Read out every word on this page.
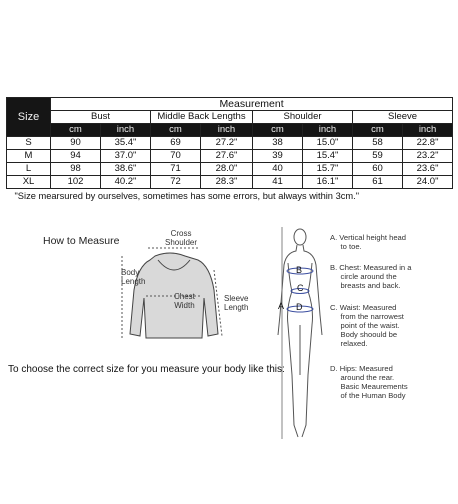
Size	Measurement							
	Bust		Middle Back Lengths		Shoulder		Sleeve	
	cm	inch	cm	inch	cm	inch	cm	inch
S	90	35.4"	69	27.2"	38	15.0"	58	22.8"
M	94	37.0"	70	27.6"	39	15.4"	59	23.2"
L	98	38.6"	71	28.0"	40	15.7"	60	23.6"
XL	102	40.2"	72	28.3"	41	16.1"	61	24.0"
"Size mearsured by ourselves, sometimes has some errors, but always within 3cm."								
How to Measure
Cross
Shoulder
Body
Length
Chest
Width
Sleeve
Length
To choose the correct size for you measure your body like this:
A
B
C
D
A. Vertical height head
to toe.
B. Chest: Measured in a
circle around the
breasts and back.
C. Waist: Measured
from the narrowest
point of the waist.
Body shoould be
relaxed.
D. Hips: Measured
around the rear.
Basic Meaurements
of the Human Body
